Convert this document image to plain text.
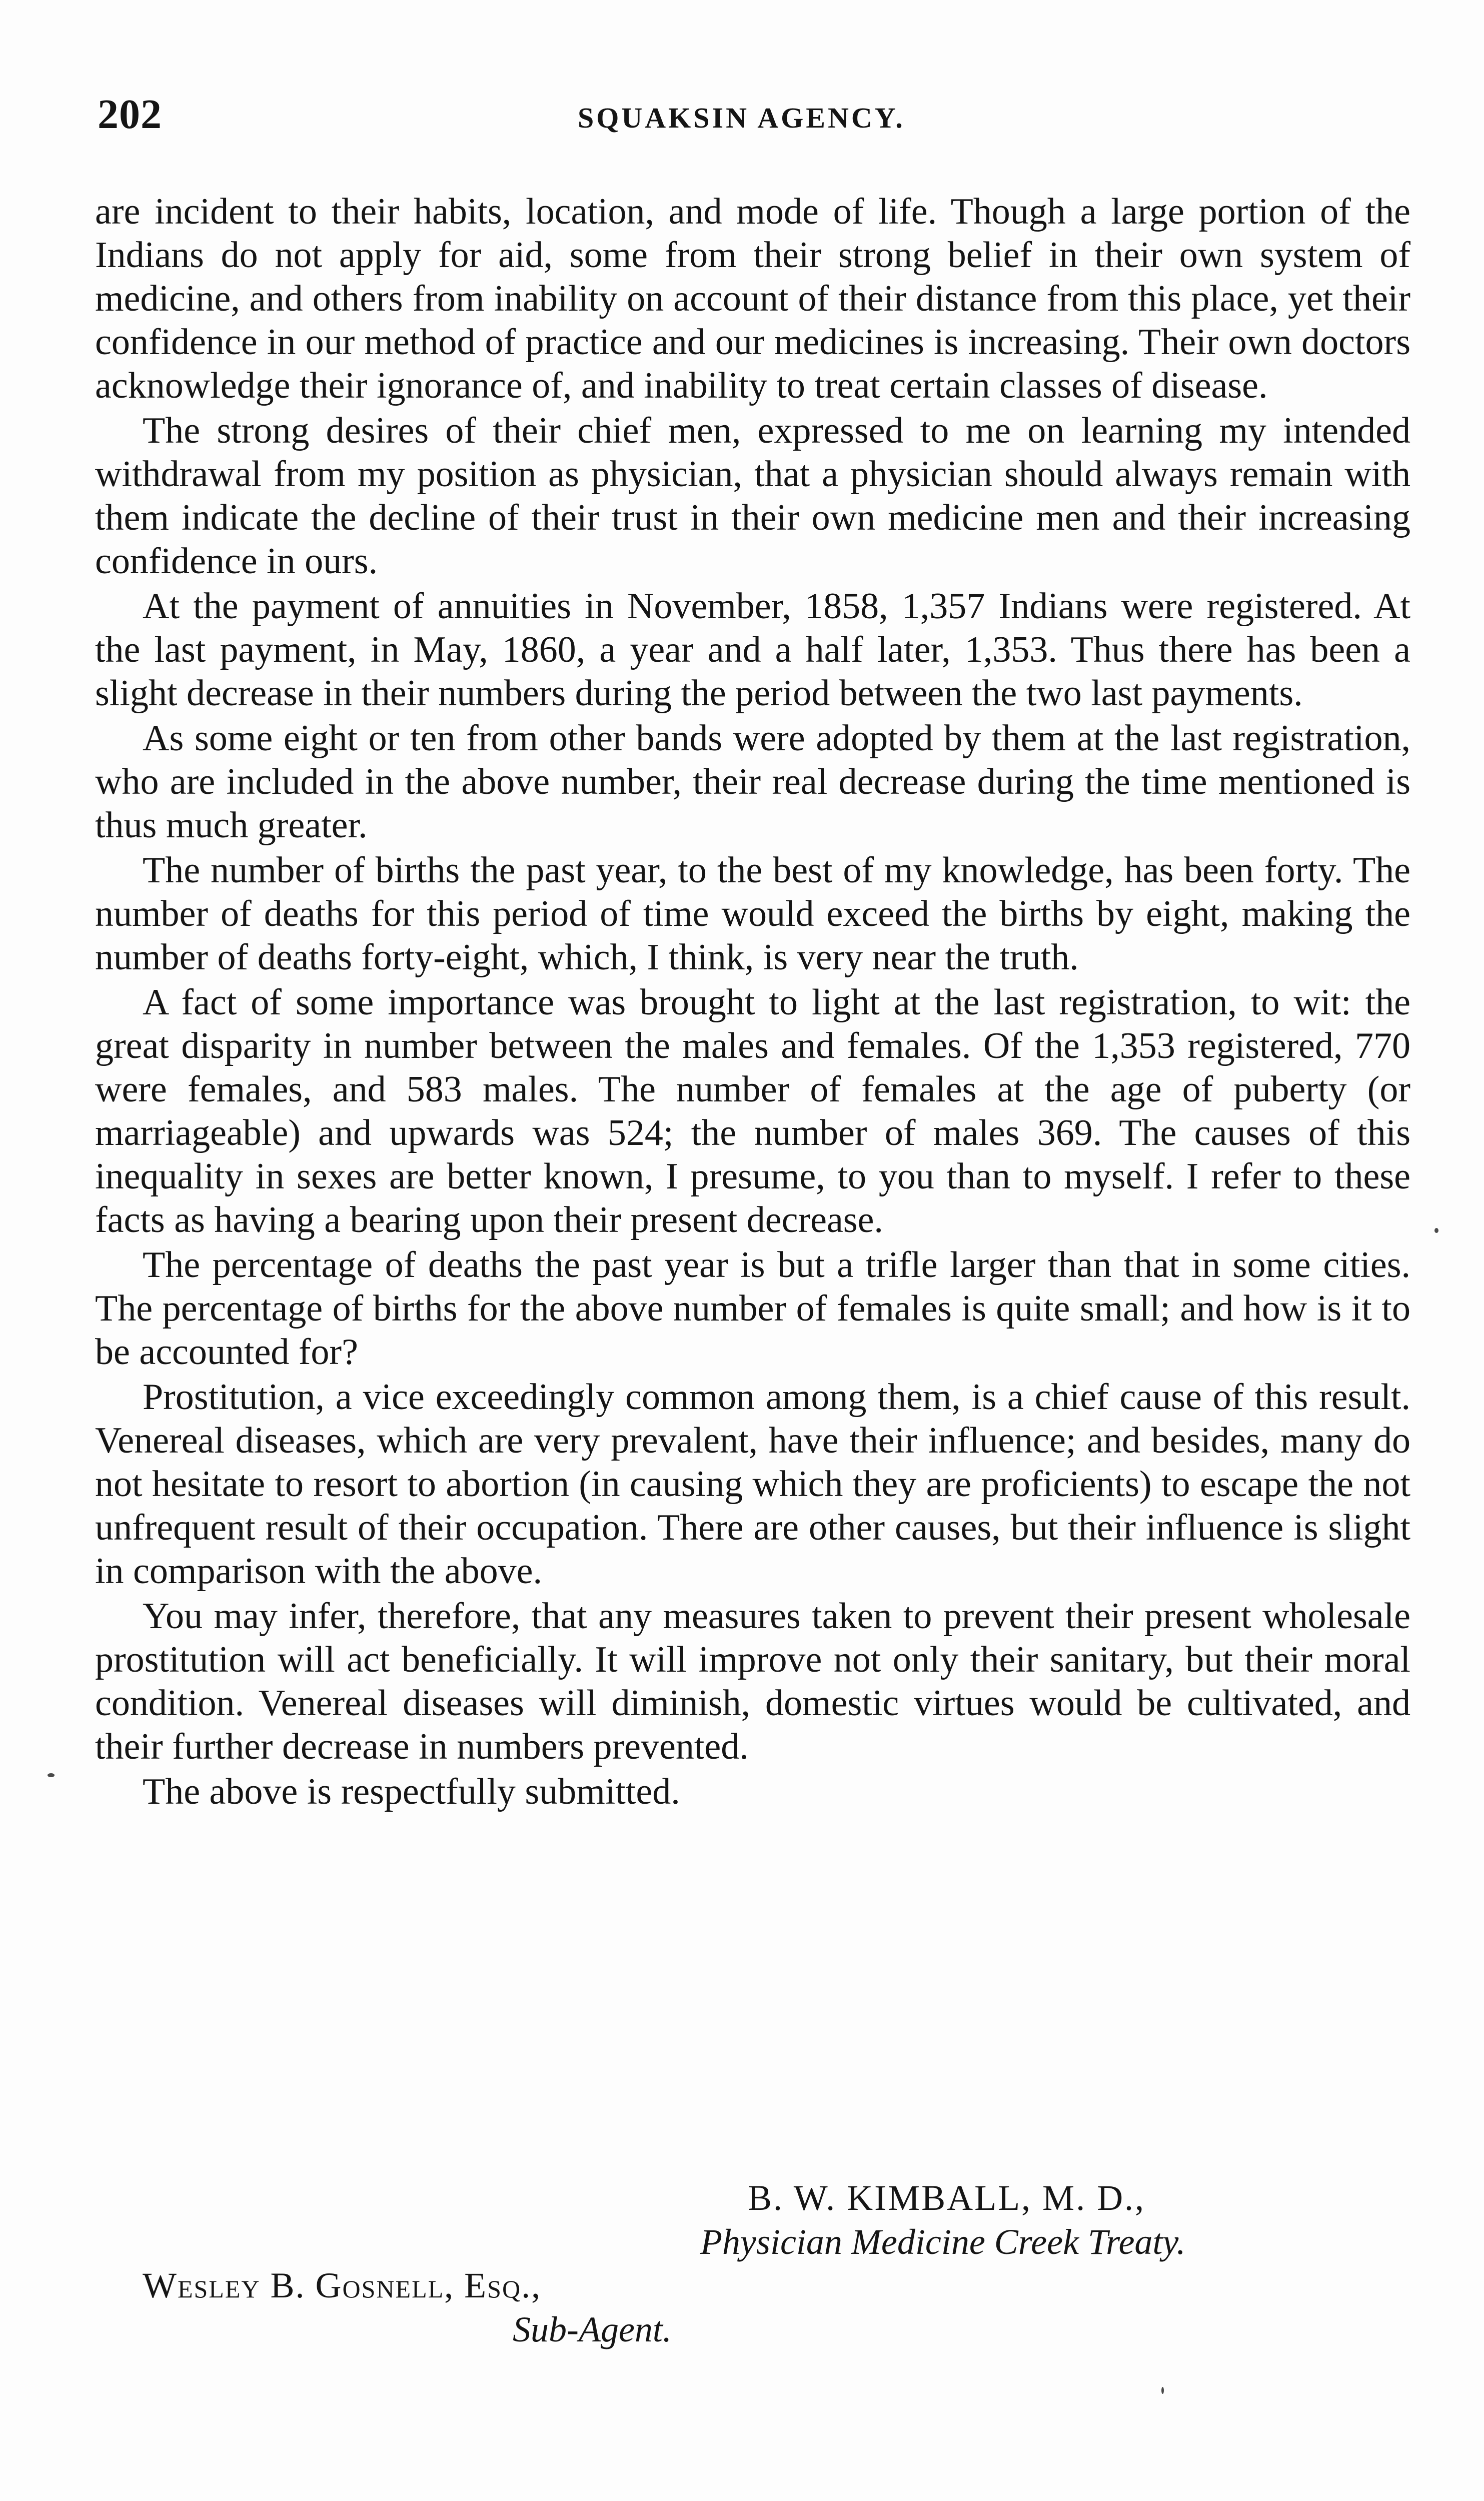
202	SQUAKSIN AGENCY.

are incident to their habits, location, and mode of life. Though a large portion of the Indians do not apply for aid, some from their strong belief in their own system of medicine, and others from inability on account of their distance from this place, yet their confidence in our method of practice and our medicines is increasing. Their own doctors acknowledge their ignorance of, and inability to treat certain classes of disease.

The strong desires of their chief men, expressed to me on learning my intended withdrawal from my position as physician, that a physician should always remain with them indicate the decline of their trust in their own medicine men and their increasing confidence in ours.

At the payment of annuities in November, 1858, 1,357 Indians were registered. At the last payment, in May, 1860, a year and a half later, 1,353. Thus there has been a slight decrease in their numbers during the period between the two last payments.

As some eight or ten from other bands were adopted by them at the last registration, who are included in the above number, their real decrease during the time mentioned is thus much greater.

The number of births the past year, to the best of my knowledge, has been forty. The number of deaths for this period of time would exceed the births by eight, making the number of deaths forty-eight, which, I think, is very near the truth.

A fact of some importance was brought to light at the last registration, to wit: the great disparity in number between the males and females. Of the 1,353 registered, 770 were females, and 583 males. The number of females at the age of puberty (or marriageable) and upwards was 524; the number of males 369. The causes of this inequality in sexes are better known, I presume, to you than to myself. I refer to these facts as having a bearing upon their present decrease.

The percentage of deaths the past year is but a trifle larger than that in some cities. The percentage of births for the above number of females is quite small; and how is it to be accounted for?

Prostitution, a vice exceedingly common among them, is a chief cause of this result. Venereal diseases, which are very prevalent, have their influence; and besides, many do not hesitate to resort to abortion (in causing which they are proficients) to escape the not unfrequent result of their occupation. There are other causes, but their influence is slight in comparison with the above.

You may infer, therefore, that any measures taken to prevent their present wholesale prostitution will act beneficially. It will improve not only their sanitary, but their moral condition. Venereal diseases will diminish, domestic virtues would be cultivated, and their further decrease in numbers prevented.

The above is respectfully submitted.

B. W. KIMBALL, M. D.,
Physician Medicine Creek Treaty.
Wesley B. Gosnell, Esq.,
Sub-Agent.
